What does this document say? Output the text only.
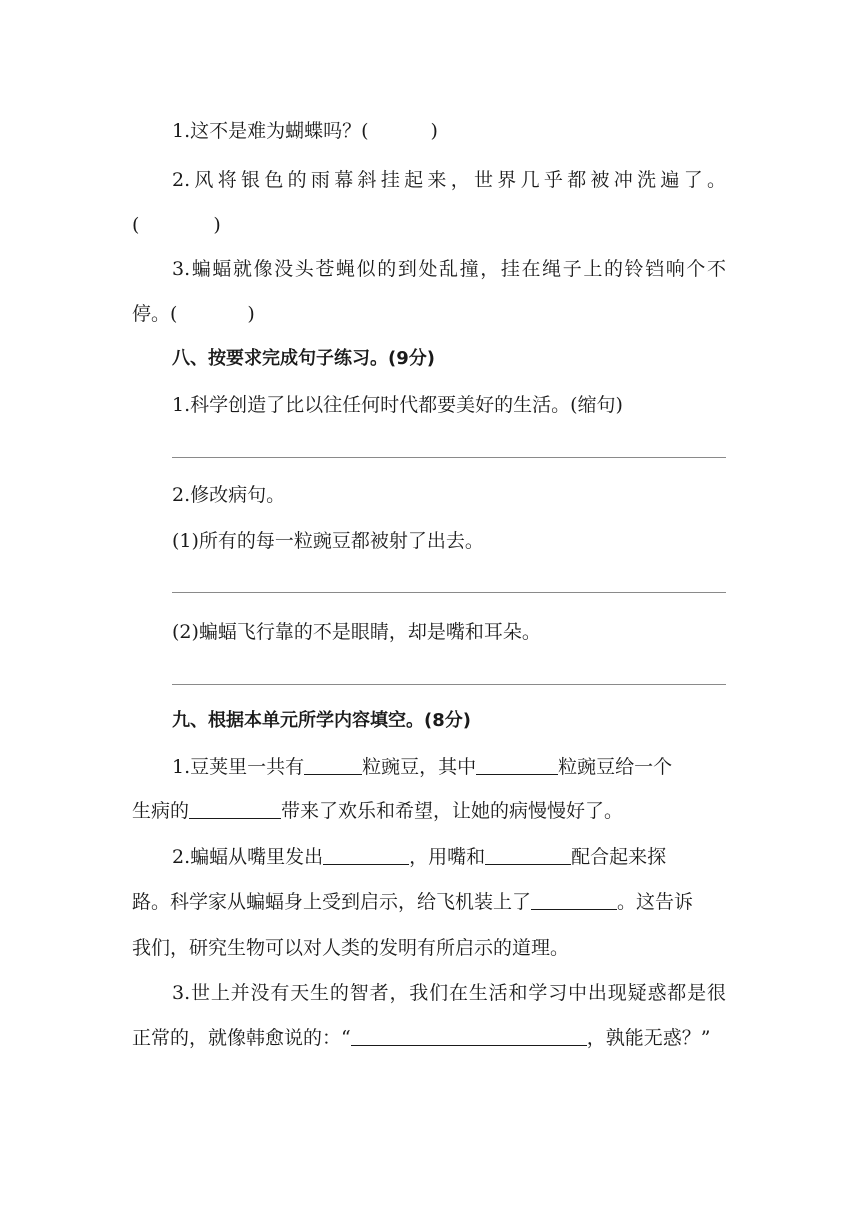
1.这不是难为蝴蝶吗？(	)
2.风将银色的雨幕斜挂起来，世界几乎都被冲洗遍了。
(	)
3.蝙蝠就像没头苍蝇似的到处乱撞，挂在绳子上的铃铛响个不
停。(	)
八、按要求完成句子练习。(9分)
1.科学创造了比以往任何时代都要美好的生活。(缩句)
2.修改病句。
(1)所有的每一粒豌豆都被射了出去。
(2)蝙蝠飞行靠的不是眼睛，却是嘴和耳朵。
九、根据本单元所学内容填空。(8分)
1.豆荚里一共有	粒豌豆，其中	粒豌豆给一个
生病的	带来了欢乐和希望，让她的病慢慢好了。
2.蝙蝠从嘴里发出	，用嘴和	配合起来探
路。科学家从蝙蝠身上受到启示，给飞机装上了	。这告诉
我们，研究生物可以对人类的发明有所启示的道理。
3.世上并没有天生的智者，我们在生活和学习中出现疑惑都是很
正常的，就像韩愈说的：“	，孰能无惑？”
